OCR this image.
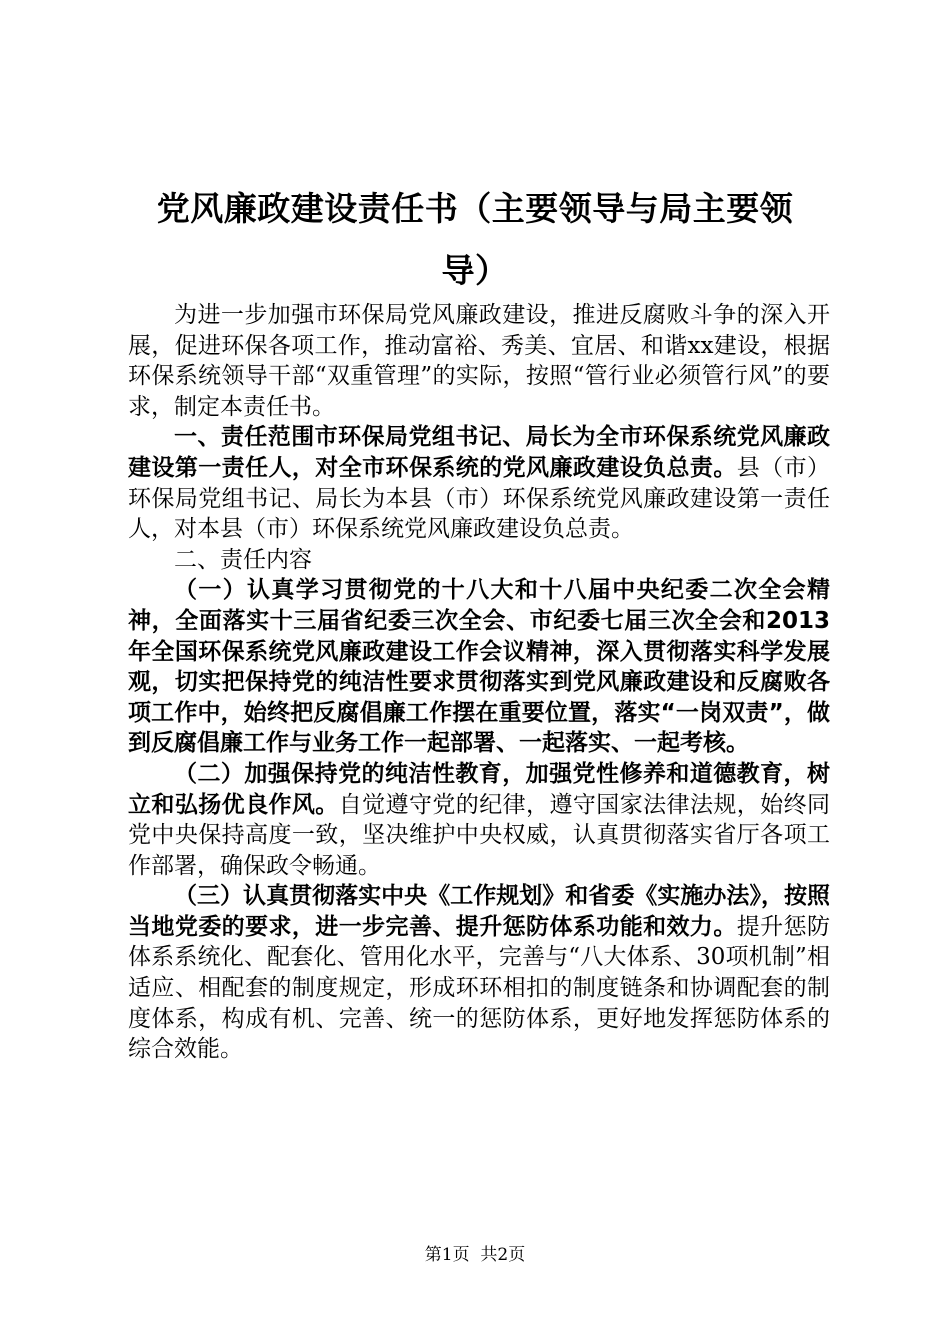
党风廉政建设责任书（主要领导与局主要领
导）

为进一步加强市环保局党风廉政建设，推进反腐败斗争的深入开展，促进环保各项工作，推动富裕、秀美、宜居、和谐xx建设，根据环保系统领导干部“双重管理”的实际，按照“管行业必须管行风”的要求，制定本责任书。

一、责任范围市环保局党组书记、局长为全市环保系统党风廉政建设第一责任人，对全市环保系统的党风廉政建设负总责。县（市）环保局党组书记、局长为本县（市）环保系统党风廉政建设第一责任人，对本县（市）环保系统党风廉政建设负总责。

二、责任内容

（一）认真学习贯彻党的十八大和十八届中央纪委二次全会精神，全面落实十三届省纪委三次全会、市纪委七届三次全会和2013年全国环保系统党风廉政建设工作会议精神，深入贯彻落实科学发展观，切实把保持党的纯洁性要求贯彻落实到党风廉政建设和反腐败各项工作中，始终把反腐倡廉工作摆在重要位置，落实“一岗双责”，做到反腐倡廉工作与业务工作一起部署、一起落实、一起考核。

（二）加强保持党的纯洁性教育，加强党性修养和道德教育，树立和弘扬优良作风。自觉遵守党的纪律，遵守国家法律法规，始终同党中央保持高度一致，坚决维护中央权威，认真贯彻落实省厅各项工作部署，确保政令畅通。

（三）认真贯彻落实中央《工作规划》和省委《实施办法》，按照当地党委的要求，进一步完善、提升惩防体系功能和效力。提升惩防体系系统化、配套化、管用化水平，完善与“八大体系、30项机制”相适应、相配套的制度规定，形成环环相扣的制度链条和协调配套的制度体系，构成有机、完善、统一的惩防体系，更好地发挥惩防体系的综合效能。

第1页  共2页
